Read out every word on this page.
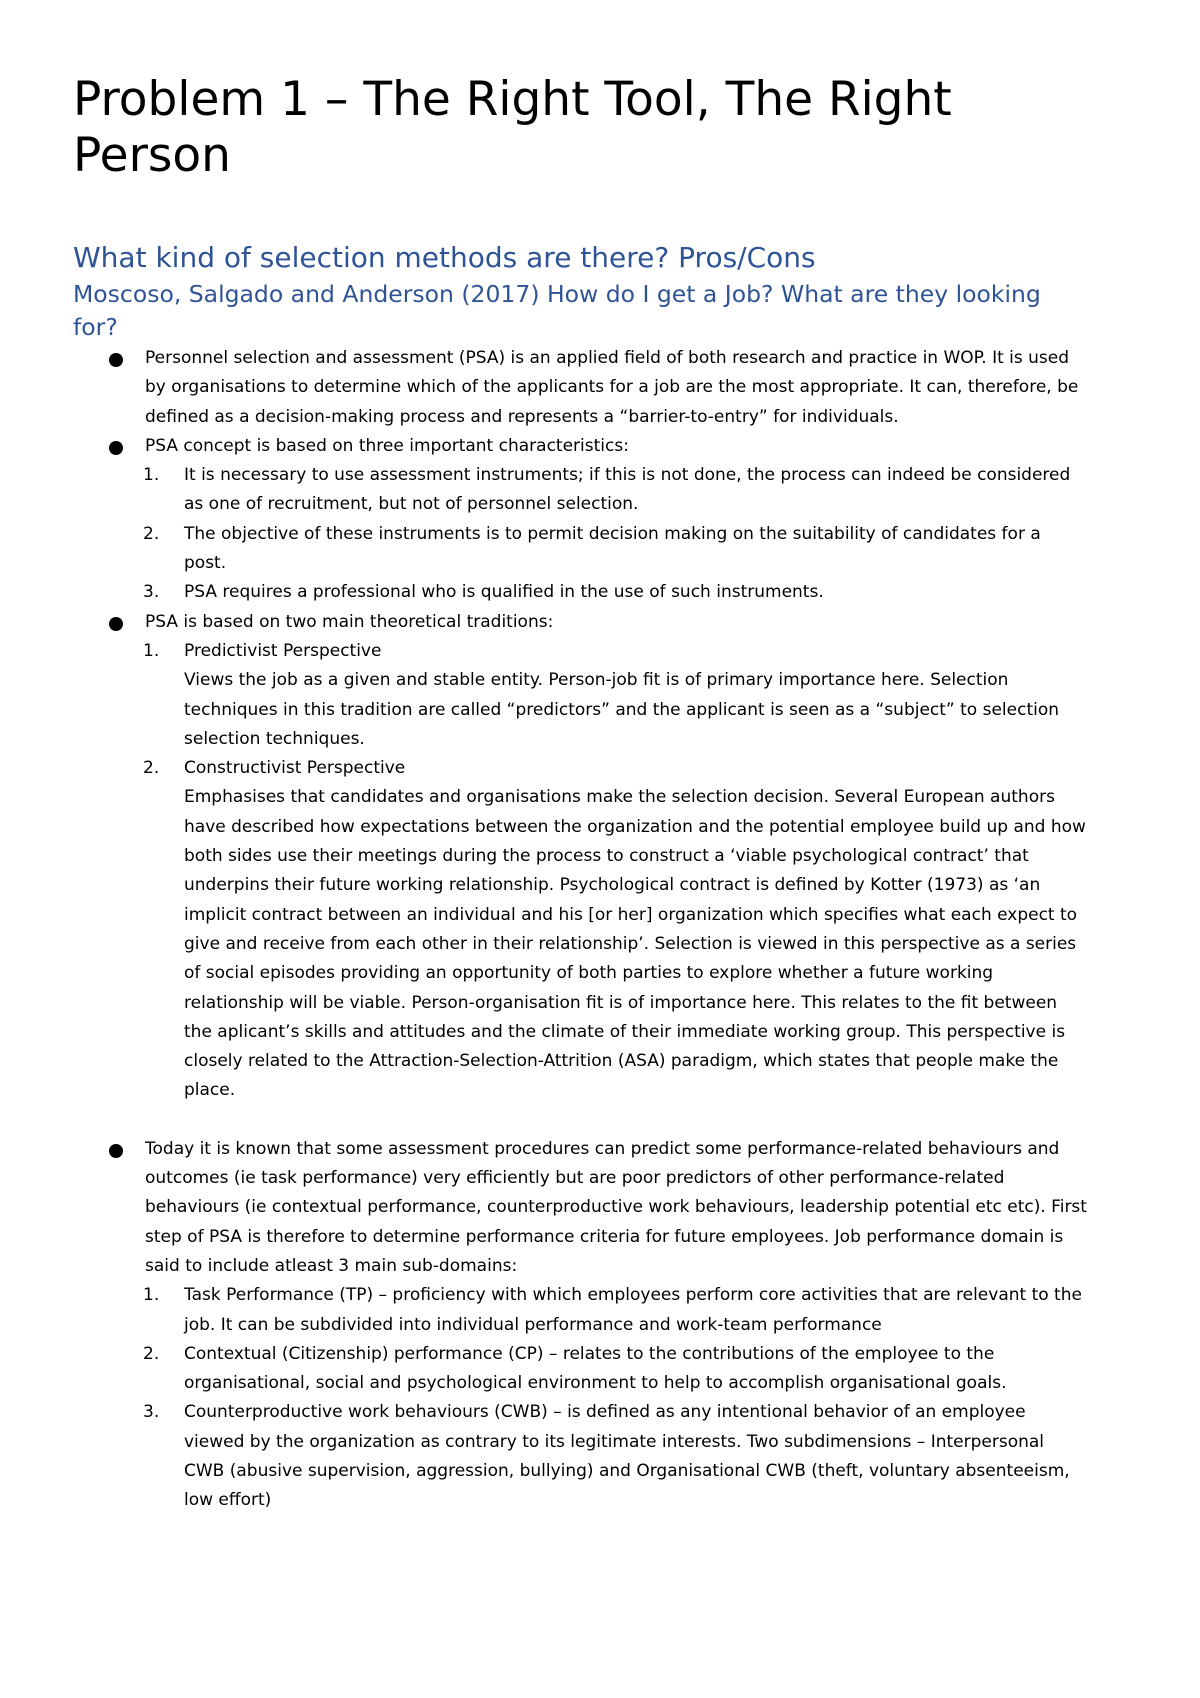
Problem 1 – The Right Tool, The Right Person
What kind of selection methods are there? Pros/Cons
Moscoso, Salgado and Anderson (2017) How do I get a Job? What are they looking for?
Personnel selection and assessment (PSA) is an applied field of both research and practice in WOP. It is used by organisations to determine which of the applicants for a job are the most appropriate. It can, therefore, be defined as a decision-making process and represents a “barrier-to-entry” for individuals.
PSA concept is based on three important characteristics:
1. It is necessary to use assessment instruments; if this is not done, the process can indeed be considered as one of recruitment, but not of personnel selection.
2. The objective of these instruments is to permit decision making on the suitability of candidates for a post.
3. PSA requires a professional who is qualified in the use of such instruments.
PSA is based on two main theoretical traditions:
1. Predictivist Perspective
Views the job as a given and stable entity. Person-job fit is of primary importance here. Selection techniques in this tradition are called “predictors” and the applicant is seen as a “subject” to selection selection techniques.
2. Constructivist Perspective
Emphasises that candidates and organisations make the selection decision. Several European authors have described how expectations between the organization and the potential employee build up and how both sides use their meetings during the process to construct a ‘viable psychological contract’ that underpins their future working relationship. Psychological contract is defined by Kotter (1973) as ‘an implicit contract between an individual and his [or her] organization which specifies what each expect to give and receive from each other in their relationship’. Selection is viewed in this perspective as a series of social episodes providing an opportunity of both parties to explore whether a future working relationship will be viable. Person-organisation fit is of importance here. This relates to the fit between the aplicant’s skills and attitudes and the climate of their immediate working group. This perspective is closely related to the Attraction-Selection-Attrition (ASA) paradigm, which states that people make the place.
Today it is known that some assessment procedures can predict some performance-related behaviours and outcomes (ie task performance) very efficiently but are poor predictors of other performance-related behaviours (ie contextual performance, counterproductive work behaviours, leadership potential etc etc). First step of PSA is therefore to determine performance criteria for future employees. Job performance domain is said to include atleast 3 main sub-domains:
1. Task Performance (TP) – proficiency with which employees perform core activities that are relevant to the job. It can be subdivided into individual performance and work-team performance
2. Contextual (Citizenship) performance (CP) – relates to the contributions of the employee to the organisational, social and psychological environment to help to accomplish organisational goals.
3. Counterproductive work behaviours (CWB) – is defined as any intentional behavior of an employee viewed by the organization as contrary to its legitimate interests. Two subdimensions – Interpersonal CWB (abusive supervision, aggression, bullying) and Organisational CWB (theft, voluntary absenteeism, low effort)
